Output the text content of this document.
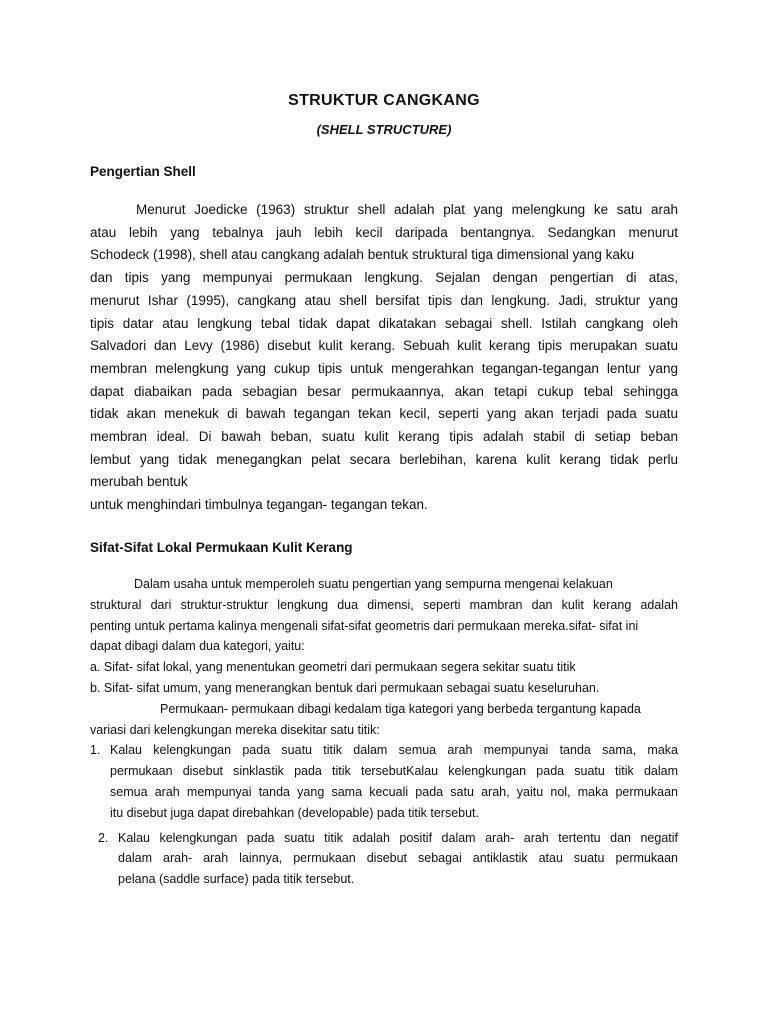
STRUKTUR CANGKANG
(SHELL STRUCTURE)
Pengertian Shell
Menurut Joedicke (1963) struktur shell adalah plat yang melengkung ke satu arah
atau lebih yang tebalnya jauh lebih kecil daripada bentangnya. Sedangkan menurut
Schodeck (1998), shell atau cangkang adalah bentuk struktural tiga dimensional yang kaku
dan tipis yang mempunyai permukaan lengkung. Sejalan dengan pengertian di atas,
menurut Ishar (1995), cangkang atau shell bersifat tipis dan lengkung. Jadi, struktur yang
tipis datar atau lengkung tebal tidak dapat dikatakan sebagai shell. Istilah cangkang oleh
Salvadori dan Levy (1986) disebut kulit kerang. Sebuah kulit kerang tipis merupakan suatu
membran melengkung yang cukup tipis untuk mengerahkan tegangan-tegangan lentur yang
dapat diabaikan pada sebagian besar permukaannya, akan tetapi cukup tebal sehingga
tidak akan menekuk di bawah tegangan tekan kecil, seperti yang akan terjadi pada suatu
membran ideal. Di bawah beban, suatu kulit kerang tipis adalah stabil di setiap beban
lembut yang tidak menegangkan pelat secara berlebihan, karena kulit kerang tidak perlu
merubah bentuk
untuk menghindari timbulnya tegangan- tegangan tekan.
Sifat-Sifat Lokal Permukaan Kulit Kerang
Dalam usaha untuk memperoleh suatu pengertian yang sempurna mengenai kelakuan
struktural dari struktur-struktur lengkung dua dimensi, seperti mambran dan kulit kerang adalah
penting untuk pertama kalinya mengenali sifat-sifat geometris dari permukaan mereka.sifat- sifat ini
dapat dibagi dalam dua kategori, yaitu:
a. Sifat- sifat lokal, yang menentukan geometri dari permukaan segera sekitar suatu titik
b. Sifat- sifat umum, yang menerangkan bentuk dari permukaan sebagai suatu keseluruhan.
Permukaan- permukaan dibagi kedalam tiga kategori yang berbeda tergantung kapada
variasi dari kelengkungan mereka disekitar satu titik:
1. Kalau kelengkungan pada suatu titik dalam semua arah mempunyai tanda sama, maka
permukaan disebut sinklastik pada titik tersebutKalau kelengkungan pada suatu titik dalam
semua arah mempunyai tanda yang sama kecuali pada satu arah, yaitu nol, maka permukaan
itu disebut juga dapat direbahkan (developable) pada titik tersebut.
2. Kalau kelengkungan pada suatu titik adalah positif dalam arah- arah tertentu dan negatif
dalam arah- arah lainnya, permukaan disebut sebagai antiklastik atau suatu permukaan
pelana (saddle surface) pada titik tersebut.
